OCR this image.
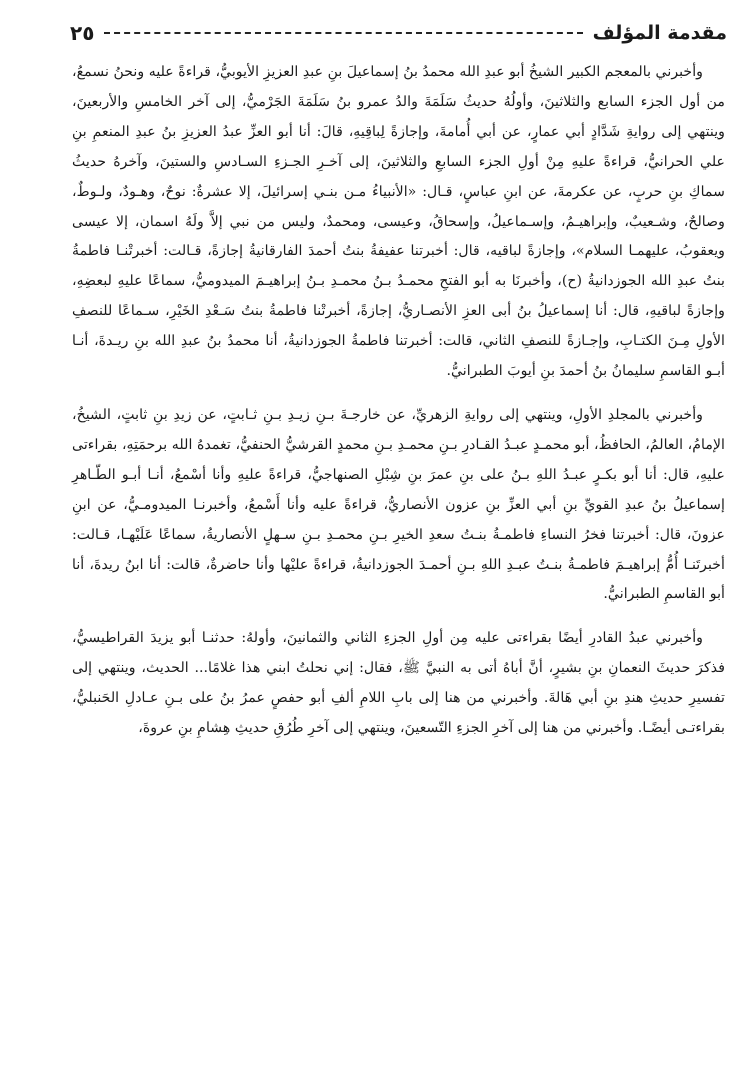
مقدمة المؤلف
٢٥

وأخبرني بالمعجم الكبير الشيخُ أبو عبدِ الله محمدُ بنُ إسماعيلَ بنِ عبدِ العزيزِ الأيوبيُّ، قراءةً عليه ونحنُ نسمعُ، من أول الجزء السابع والثلاثينَ، وأولُهُ حديثُ سَلَمَةَ والدُ عمرو بنُ سَلَمَةَ الجَرْميُّ، إلى آخر الخامسِ والأربعينَ، وينتهي إلى روايةِ شَدَّادٍ أبي عمارٍ، عن أبي أُمامةَ، وإجازةً لِباقِيهِ، قالَ: أنا أبو العزِّ عبدُ العزيزِ بنُ عبدِ المنعمِ بنِ علي الحرانيُّ، قراءةً عليهِ مِنْ أولِ الجزء السابعِ والثلاثينَ، إلى آخـرِ الجـزءِ السـادسِ والستينَ، وآخرهُ حديثُ سماكِ بنِ حربٍ، عن عكرمةَ، عن ابنِ عباسٍ، قـال: «الأنبياءُ مـن بنـي إسرائيلَ، إلا عشرةٌ: نوحٌ، وهـودٌ، ولـوطٌ، وصالحٌ، وشـعيبٌ، وإبراهيـمُ، وإسـماعيلُ، وإسحاقُ، وعيسى، ومحمدٌ، وليس من نبي إلاَّ ولَهُ اسمان، إلا عيسى ويعقوبُ، عليهمـا السلام»، وإجازةً لباقيه، قال: أخبرتنا عفيفةُ بنتُ أحمدَ الفارقانيةُ إجازةً، قـالت: أخبرتْنـا فاطمةُ بنتُ عبدِ الله الجوزدانيةُ (ح)، وأخبرنَا به أبو الفتحِ محمـدُ بـنُ محمـدِ بـنُ إبراهيـمَ الميدوميُّ، سماعًا عليهِ لبعضِهِ، وإجازةً لباقيهِ، قال: أنا إسماعيلُ بنُ أبى العزِ الأنصـاريُّ، إجازةً، أخبرتْنا فاطمةُ بنتُ سَـعْدِ الخَيْرِ، سـماعًا للنصفِ الأولِ مِـنَ الكتـابِ، وإجـازةً للنصفِ الثاني، قالت: أخبرتنا فاطمةُ الجوزدانيةُ، أنا محمدُ بنُ عبدِ الله بنِ ريـدةَ، أنـا أبـو القاسمِ سليمانُ بنُ أحمدَ بنِ أيوبَ الطبرانيُّ.

وأخبرني بالمجلدِ الأولِ، وينتهي إلى روايةِ الزهريِّ، عن خارجـةَ بـنِ زيـدِ بـنِ ثـابتٍ، عن زيدِ بنِ ثابتٍ، الشيخُ، الإمامُ، العالمُ، الحافظُ، أبو محمـدٍ عبـدُ القـادرِ بـنِ محمـدِ بـنِ محمدٍ القرشيُّ الحنفيُّ، تغمدهُ الله برحمَتِهِ، بقراءتى عليهِ، قال: أنا أبو بكـرٍ عبـدُ اللهِ بـنُ على بنِ عمرَ بنِ شِبْلِ الصنهاجيُّ، قراءةً عليهِ وأنا أسْمعُ، أنـا أبـو الطّـاهرِ إسماعيلُ بنُ عبدِ القويِّ بنِ أبي العزِّ بنِ عزون الأنصاريُّ، قراءةً عليه وأنا أَسْمعُ، وأخبرنـا الميدومـيُّ، عن ابنِ عزونَ، قال: أخبرتنا فخرُ النساءِ فاطمـةُ بنـتُ سعدِ الخيرِ بـنِ محمـدِ بـنِ سـهلٍ الأنصاريةُ، سماعًا عَلَيْهـا، قـالت: أخبرتَنـا أُمُّ إبراهيـمَ فاطمـةُ بنـتُ عبـدِ اللهِ بـنِ أحمـدَ الجوزدانيةُ، قراءةً عليْها وأنا حاضرةٌ، قالت: أنا ابنُ ريدةَ، أنا أبو القاسمِ الطبرانيُّ.

وأخبرني عبدُ القادرِ أيضًا بقراءتى عليه مِن أولِ الجزءِ الثاني والثمانينَ، وأولهُ: حدثنـا أبو يزيدَ القراطيسيُّ، فذكرَ حديثَ النعمانِ بنِ بشيرٍ، أنَّ أباهُ أتى به النبيَّ ﷺ، فقال: إني نحلتُ ابني هذا غلامًا... الحديث، وينتهي إلى تفسيرِ حديثِ هندِ بنِ أبي هَالةَ. وأخبرني من هنا إلى بابِ اللامِ ألفِ أبو حفصٍ عمرُ بنُ على بـنِ عـادلِ الحَنبليُّ، بقراءتـى أيضًـا. وأخبرني من هنا إلى آخرِ الجزءِ التّسعينَ، وينتهي إلى آخرِ طُرُقِ حديثِ هِشامِ بنِ عروةَ،
